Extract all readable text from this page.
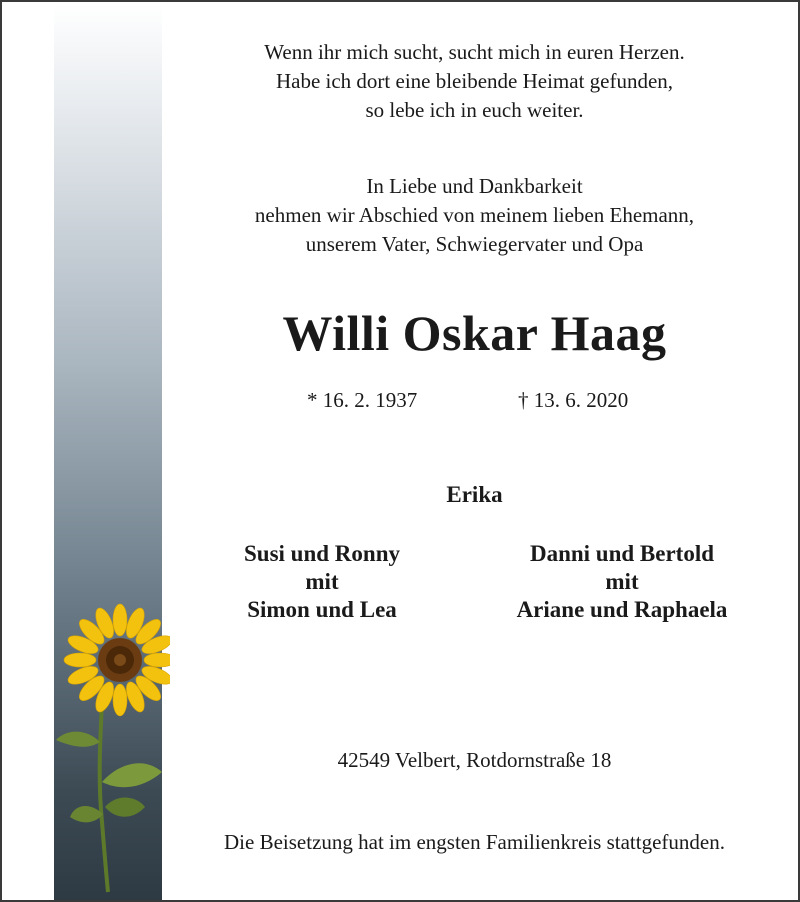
Wenn ihr mich sucht, sucht mich in euren Herzen.
Habe ich dort eine bleibende Heimat gefunden,
so lebe ich in euch weiter.
In Liebe und Dankbarkeit
nehmen wir Abschied von meinem lieben Ehemann,
unserem Vater, Schwiegervater und Opa
Willi Oskar Haag
* 16. 2. 1937	† 13. 6. 2020
Erika
Susi und Ronny
mit
Simon und Lea
Danni und Bertold
mit
Ariane und Raphaela
42549 Velbert, Rotdornstraße 18
Die Beisetzung hat im engsten Familienkreis stattgefunden.
